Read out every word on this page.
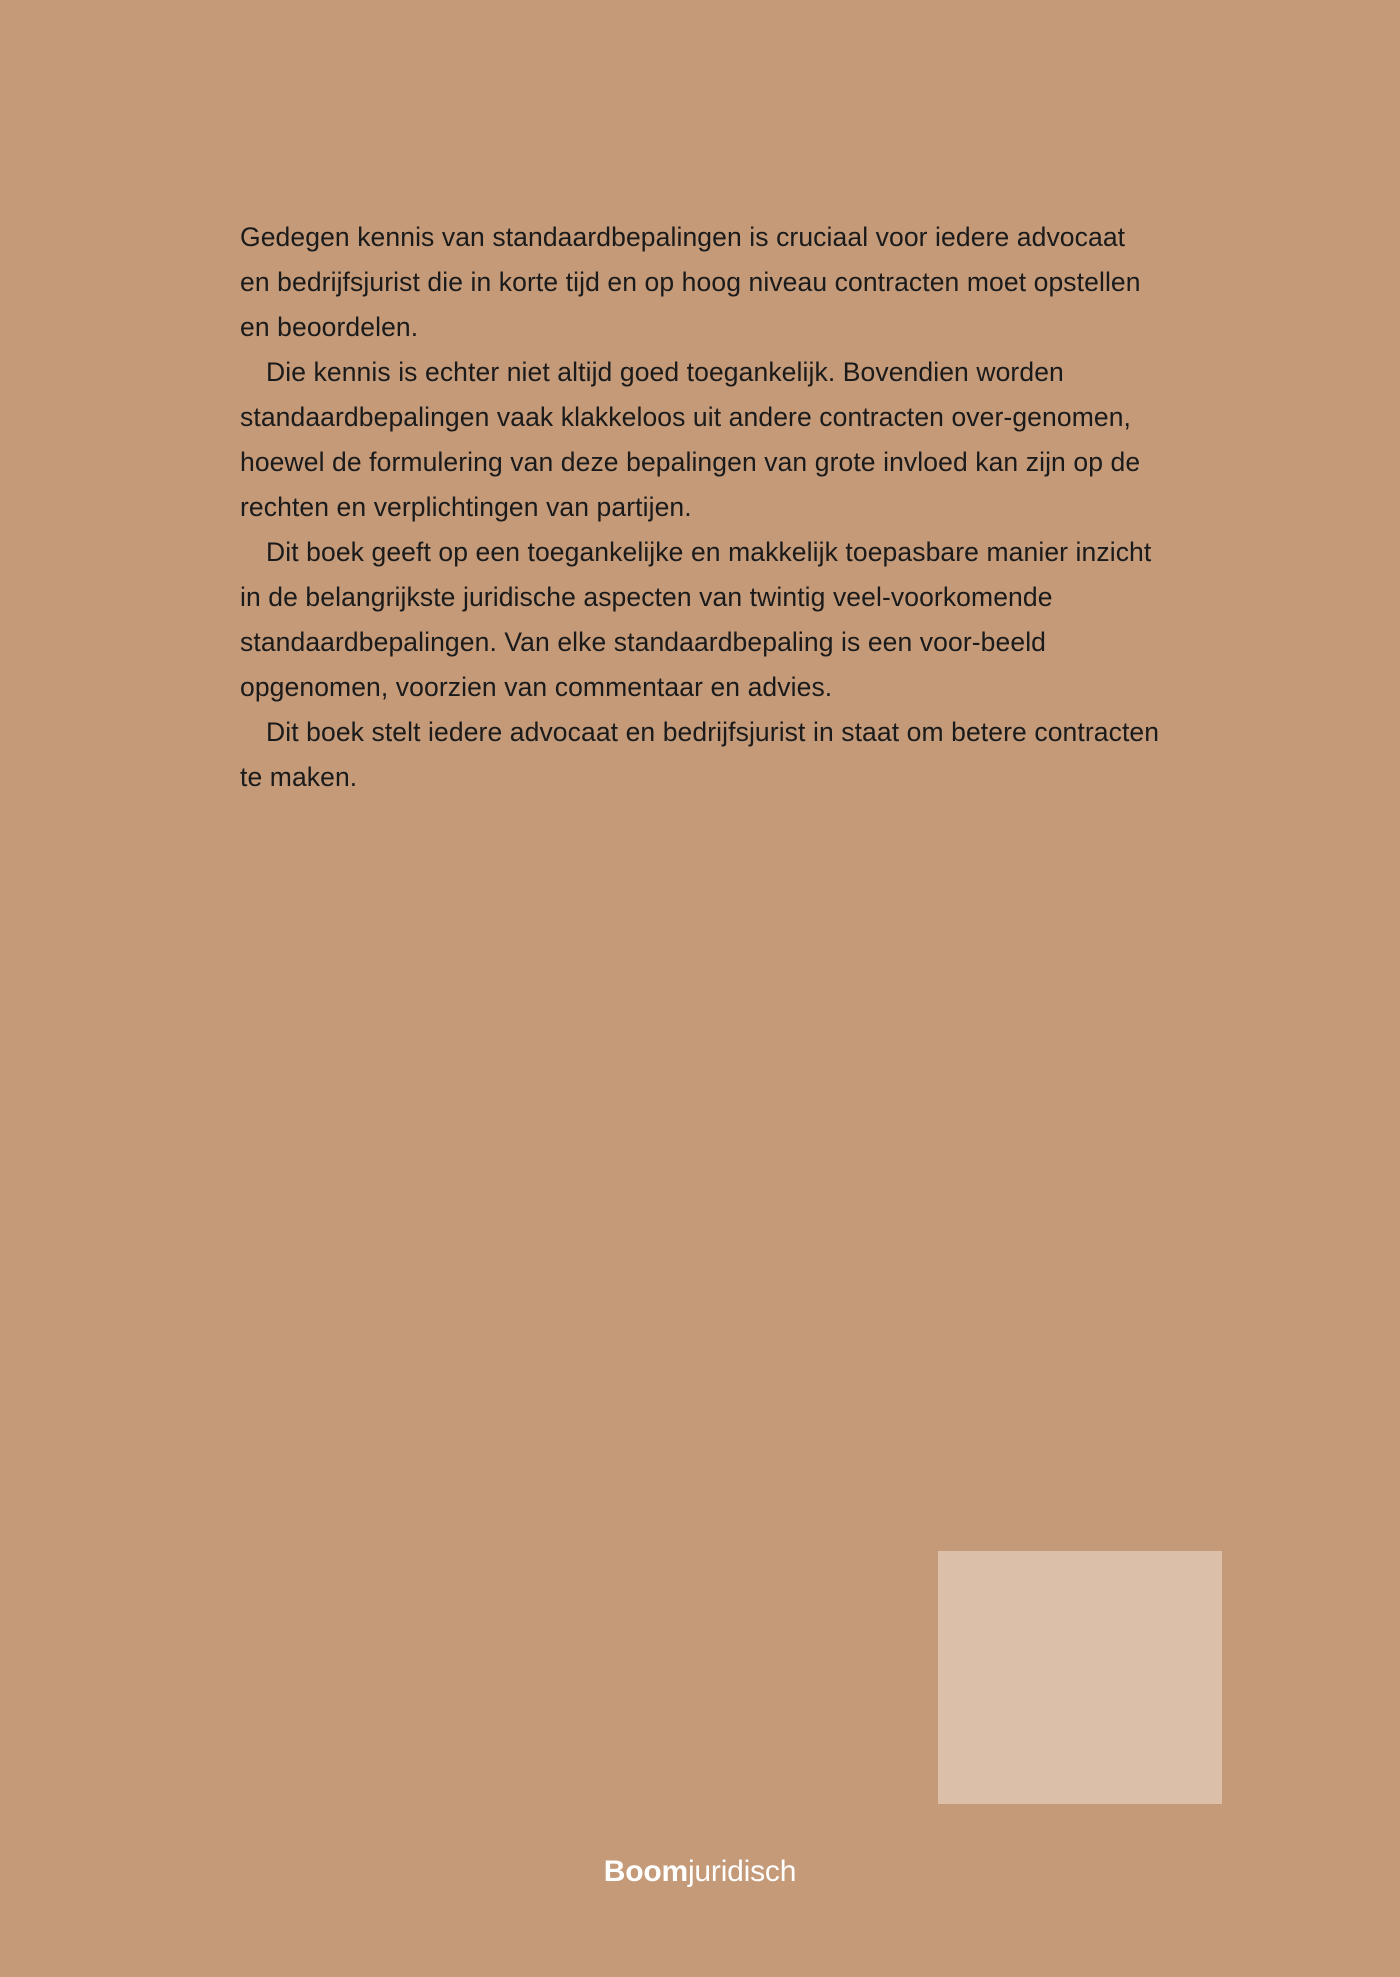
Gedegen kennis van standaardbepalingen is cruciaal voor iedere advocaat en bedrijfsjurist die in korte tijd en op hoog niveau contracten moet opstellen en beoordelen.

Die kennis is echter niet altijd goed toegankelijk. Bovendien worden standaardbepalingen vaak klakkeloos uit andere contracten over-genomen, hoewel de formulering van deze bepalingen van grote invloed kan zijn op de rechten en verplichtingen van partijen.

Dit boek geeft op een toegankelijke en makkelijk toepasbare manier inzicht in de belangrijkste juridische aspecten van twintig veel-voorkomende standaardbepalingen. Van elke standaardbepaling is een voor-beeld opgenomen, voorzien van commentaar en advies.

Dit boek stelt iedere advocaat en bedrijfsjurist in staat om betere contracten te maken.

Boomjuridisch
